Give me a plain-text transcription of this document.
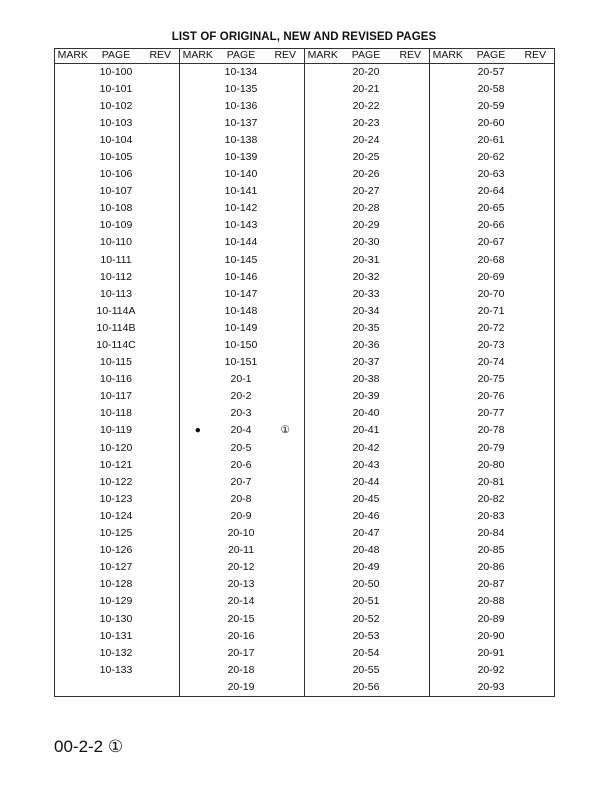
LIST OF ORIGINAL, NEW AND REVISED PAGES
MARK	PAGE	REV	MARK	PAGE	REV	MARK	PAGE	REV	MARK	PAGE	REV
	10-100			10-134			20-20			20-57	
	10-101			10-135			20-21			20-58	
	10-102			10-136			20-22			20-59	
	10-103			10-137			20-23			20-60	
	10-104			10-138			20-24			20-61	
	10-105			10-139			20-25			20-62	
	10-106			10-140			20-26			20-63	
	10-107			10-141			20-27			20-64	
	10-108			10-142			20-28			20-65	
	10-109			10-143			20-29			20-66	
	10-110			10-144			20-30			20-67	
	10-111			10-145			20-31			20-68	
	10-112			10-146			20-32			20-69	
	10-113			10-147			20-33			20-70	
	10-114A			10-148			20-34			20-71	
	10-114B			10-149			20-35			20-72	
	10-114C			10-150			20-36			20-73	
	10-115			10-151			20-37			20-74	
	10-116			20-1			20-38			20-75	
	10-117			20-2			20-39			20-76	
	10-118			20-3			20-40			20-77	
	10-119		●	20-4	①		20-41			20-78	
	10-120			20-5			20-42			20-79	
	10-121			20-6			20-43			20-80	
	10-122			20-7			20-44			20-81	
	10-123			20-8			20-45			20-82	
	10-124			20-9			20-46			20-83	
	10-125			20-10			20-47			20-84	
	10-126			20-11			20-48			20-85	
	10-127			20-12			20-49			20-86	
	10-128			20-13			20-50			20-87	
	10-129			20-14			20-51			20-88	
	10-130			20-15			20-52			20-89	
	10-131			20-16			20-53			20-90	
	10-132			20-17			20-54			20-91	
	10-133			20-18			20-55			20-92	
				20-19			20-56			20-93	
00-2-2 ①
